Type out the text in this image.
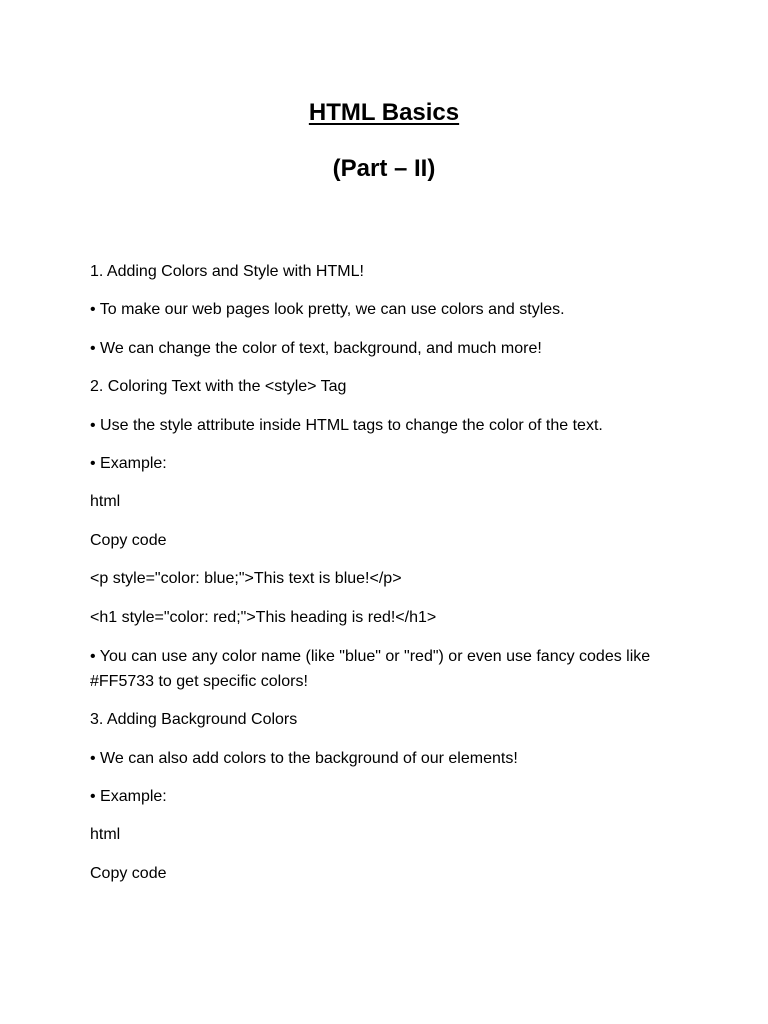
HTML Basics
(Part – II)

1. Adding Colors and Style with HTML!

• To make our web pages look pretty, we can use colors and styles.

• We can change the color of text, background, and much more!

2. Coloring Text with the <style> Tag

• Use the style attribute inside HTML tags to change the color of the text.

• Example:

html

Copy code

<p style="color: blue;">This text is blue!</p>

<h1 style="color: red;">This heading is red!</h1>

• You can use any color name (like "blue" or "red") or even use fancy codes like #FF5733 to get specific colors!

3. Adding Background Colors

• We can also add colors to the background of our elements!

• Example:

html

Copy code
